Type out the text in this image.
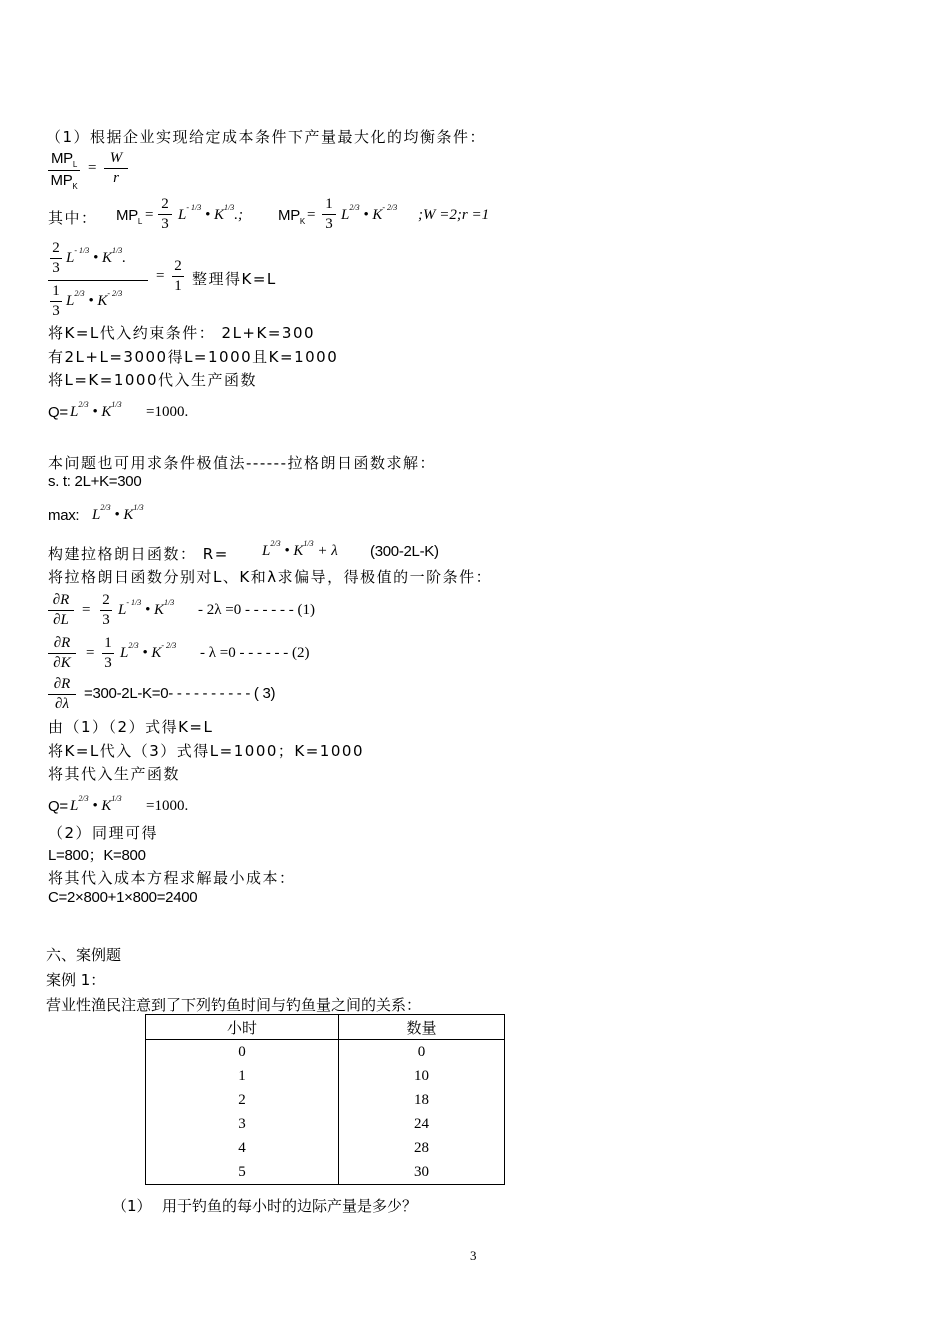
（1）根据企业实现给定成本条件下产量最大化的均衡条件：
$MP_L$
$MP_K$
=
W
r
其中： $MP_L$ =
2
3
$L^{- 1/3}$ • $K^{1/3}$.; $MP_K$ =
1
3
$L^{2/3}$ • $K^{- 2/3}$ ;W =2;r =1
2
3
$L^{- 1/3}$ • $K^{1/3}$.
1
3
$L^{2/3}$ • $K^{- 2/3}$
=
2
1 整理得K=L
将K=L代入约束条件： 2L+K=300
有2L+L=3000得L=1000且K=1000
将L=K=1000代入生产函数
$Q= L^{2/3}$ • $K^{1/3} =1000$.
本问题也可用求条件极值法------拉格朗日函数求解：
s. t: 2L+K=300
max: $L^{2/3}$ • $K^{1/3}$
构建拉格朗日函数： $R= L^{2/3}$ • $K^{1/3} + \lambda$ (300-2L-K)
将拉格朗日函数分别对L、K和λ求偏导，得极值的一阶条件：
∂R
∂L
=
2
3
$L^{- 1/3}$ • $K^{1/3} - 2\lambda =0$ - - - - - - (1)
∂R
∂K
=
1
3
$L^{2/3}$ • $K^{- 2/3} - \lambda =0$ - - - - - - (2)
∂R
∂λ
=300-2L-K=0- - - - - - - - - - ( 3)
由（1）（2）式得K=L
将K=L代入（3）式得L=1000；K=1000
将其代入生产函数
$Q= L^{2/3}$ • $K^{1/3} =1000$.
（2）同理可得
L=800；K=800
将其代入成本方程求解最小成本：
C=2×800+1×800=2400
六、案例题
案例 1：
营业性渔民注意到了下列钓鱼时间与钓鱼量之间的关系：
小时	数量
0	0
1	10
2	18
3	24
4	28
5	30
（1） 用于钓鱼的每小时的边际产量是多少？
3
